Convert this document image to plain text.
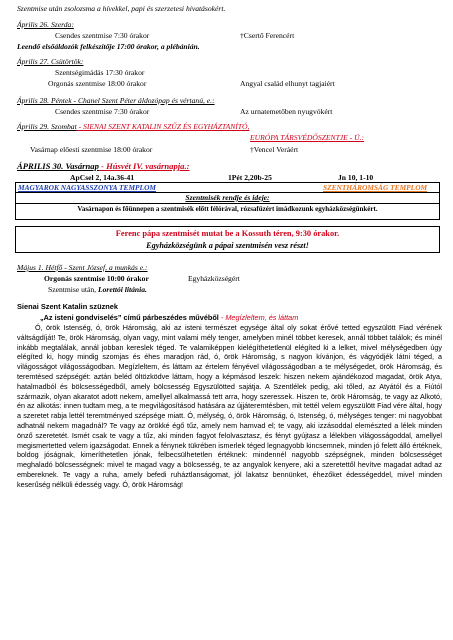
Szentmise után zsolozsma a hívekkel, papi és szerzetesi hivatásokért.
Április 26. Szerda:
Csendes szentmise 7:30 órakor	†Csertő Ferencért
Leendő elsőáldozók felkészítője 17:00 órakor, a plébánián.
Április 27. Csütörtök:
Szentségimádás 17:30 órakor
Orgonás szentmise 18:00 órakor	Angyal család elhunyt tagjaiért
Április 28. Péntek - Chanel Szent Péter áldozópap és vértanú, e.:
Csendes szentmise 7:30 órakor	Az urnatemetőben nyugvókért
Április 29. Szombat - SIENAI SZENT KATALIN SZŰZ ÉS EGYHÁZTANÍTÓ,
EURÓPA TÁRSVÉDŐSZENTJE - Ü.:
Vasárnap előesti szentmise 18:00 órakor	†Vencel Veráért
ÁPRILIS 30. Vasárnap - Húsvét IV. vasárnapja.:
ApCsel 2, 14a.36-41	1Pét 2,20b-25	Jn 10, 1-10
MAGYAROK NAGYASSZONYA TEMPLOM	SZENTHÁROMSÁG TEMPLOM
Szentmisék rendje és ideje:
Vasárnapon és főünnepen a szentmisék előtt félórával, rózsafüzért imádkozunk egyházközségünkért.
Ferenc pápa szentmisét mutat be a Kossuth téren, 9:30 órakor.
Egyházközségünk a pápai szentmisén vesz részt!
Május 1. Hétfő - Szent József, a munkás e.:
Orgonás szentmise 10:00 órakor	Egyházközségért
Szentmise után, Lorettói litánia.
Sienai Szent Katalin szüznek
„Az isteni gondviselés” című párbeszédes művéből - Megízleltem, és láttam
Ó, örök Istenség, ó, örök Háromság, aki az isteni természet egysége által oly sokat érővé tetted egyszülött Fiad vérének váltságdíját! Te, örök Háromság, olyan vagy, mint valami mély tenger, amelyben minél többet keresek, annál többet találok; és minél inkább megtalálak, annál jobban kereslek téged. Te valamiképpen kielégíthetetlenül elégíted ki a lelket, mivel mélységedben úgy elégíted ki, hogy mindig szomjas és éhes maradjon rád, ó, örök Háromság, s nagyon kívánjon, és vágyódjék látni téged, a világosságot világosságodban. Megízleltem, és láttam az értelem fényével világosságodban a te mélységedet, örök Háromság, és teremtésed szépségét: aztán beléd öltözködve láttam, hogy a képmásod leszek: hiszen nekem ajándékozod magadat, örök Atya, hatalmadból és bölcsességedből, amely bölcsesség Egyszülötted sajátja. A Szentlélek pedig, aki tőled, az Atyától és a Fiútól származik, olyan akaratot adott nekem, amellyel alkalmassá tett arra, hogy szeressek. Hiszen te, örök Háromság, te vagy az Alkotó, én az alkotás: innen tudtam meg, a te megvilágosításod hatására az újjáteremtésben, mit tettél velem egyszülött Fiad vére által, hogy a szeretet rabja lettél teremtményed szépsége miatt. Ó, mélység, ó, örök Háromság, ó, Istenség, ó, mélységes tenger: mi nagyobbat adhatnál nekem magadnál? Te vagy az örökké égő tűz, amely nem hamvad el; te vagy, aki izzásoddal elemészted a lélek minden önző szeretetét. Ismét csak te vagy a tűz, aki minden fagyot felolvasztasz, és fényt gyújtasz a lélekben világosságoddal, amellyel megismertetted velem igazságodat. Ennek a fénynek tükrében ismerlek téged legnagyobb kincsemnek, minden jó felett álló értéknek, boldog jóságnak, kimeríthetetlen jónak, felbecsülhetetlen értéknek: mindennél nagyobb szépségnek, minden bölcsességet meghaladó bölcsességnek: mivel te magad vagy a bölcsesség, te az angyalok kenyere, aki a szeretettől hevítve magadat adtad az embereknek. Te vagy a ruha, amely befedi ruháztlanságomat, jól lakatsz bennünket, éhezőket édességeddel, mivel minden keserűség nélküli édesség vagy. Ó, örök Háromság!
